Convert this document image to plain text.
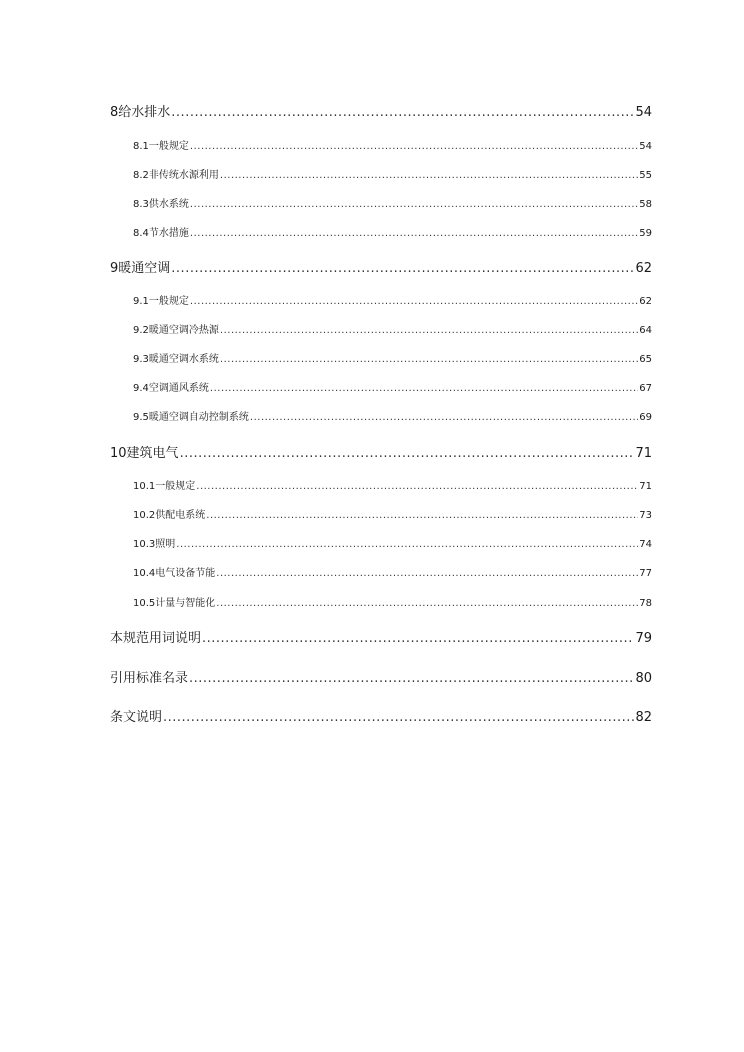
8 给水排水 .....	54
8.1 一般规定 .....	54
8.2 非传统水源利用 .....	55
8.3 供水系统 .....	58
8.4 节水措施 .....	59
9 暖通空调 .....	62
9.1 一般规定 .....	62
9.2 暖通空调冷热源 .....	64
9.3 暖通空调水系统 .....	65
9.4 空调通风系统 .....	67
9.5 暖通空调自动控制系统 .....	69
10 建筑电气 .....	71
10.1 一般规定 .....	71
10.2 供配电系统 .....	73
10.3 照明 .....	74
10.4 电气设备节能 .....	77
10.5 计量与智能化 .....	78
本规范用词说明 .....	79
引用标准名录 .....	80
条文说明 .....	82
